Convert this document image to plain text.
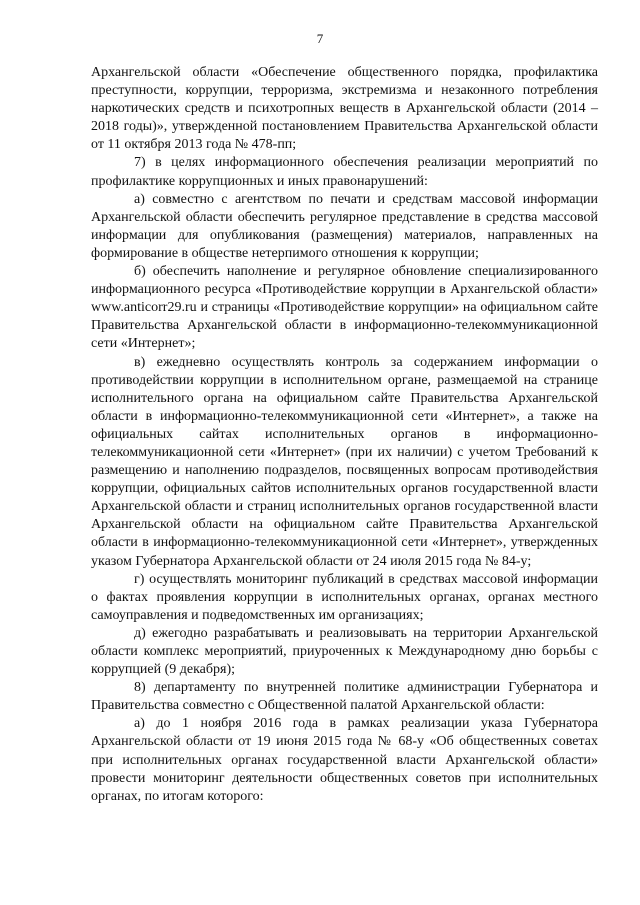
7

Архангельской области «Обеспечение общественного порядка, профилактика преступности, коррупции, терроризма, экстремизма и незаконного потребления наркотических средств и психотропных веществ в Архангельской области (2014 – 2018 годы)», утвержденной постановлением Правительства Архангельской области от 11 октября 2013 года № 478-пп;

7) в целях информационного обеспечения реализации мероприятий по профилактике коррупционных и иных правонарушений:

а) совместно с агентством по печати и средствам массовой информации Архангельской области обеспечить регулярное представление в средства массовой информации для опубликования (размещения) материалов, направленных на формирование в обществе нетерпимого отношения к коррупции;

б) обеспечить наполнение и регулярное обновление специализированного информационного ресурса «Противодействие коррупции в Архангельской области» www.anticorr29.ru и страницы «Противодействие коррупции» на официальном сайте Правительства Архангельской области в информационно-телекоммуникационной сети «Интернет»;

в) ежедневно осуществлять контроль за содержанием информации о противодействии коррупции в исполнительном органе, размещаемой на странице исполнительного органа на официальном сайте Правительства Архангельской области в информационно-телекоммуникационной сети «Интернет», а также на официальных сайтах исполнительных органов в информационно-телекоммуникационной сети «Интернет» (при их наличии) с учетом Требований к размещению и наполнению подразделов, посвященных вопросам противодействия коррупции, официальных сайтов исполнительных органов государственной власти Архангельской области и страниц исполнительных органов государственной власти Архангельской области на официальном сайте Правительства Архангельской области в информационно-телекоммуникационной сети «Интернет», утвержденных указом Губернатора Архангельской области от 24 июля 2015 года № 84-у;

г) осуществлять мониторинг публикаций в средствах массовой информации о фактах проявления коррупции в исполнительных органах, органах местного самоуправления и подведомственных им организациях;

д) ежегодно разрабатывать и реализовывать на территории Архангельской области комплекс мероприятий, приуроченных к Международному дню борьбы с коррупцией (9 декабря);

8) департаменту по внутренней политике администрации Губернатора и Правительства совместно с Общественной палатой Архангельской области:

а) до 1 ноября 2016 года в рамках реализации указа Губернатора Архангельской области от 19 июня 2015 года № 68-у «Об общественных советах при исполнительных органах государственной власти Архангельской области» провести мониторинг деятельности общественных советов при исполнительных органах, по итогам которого:
